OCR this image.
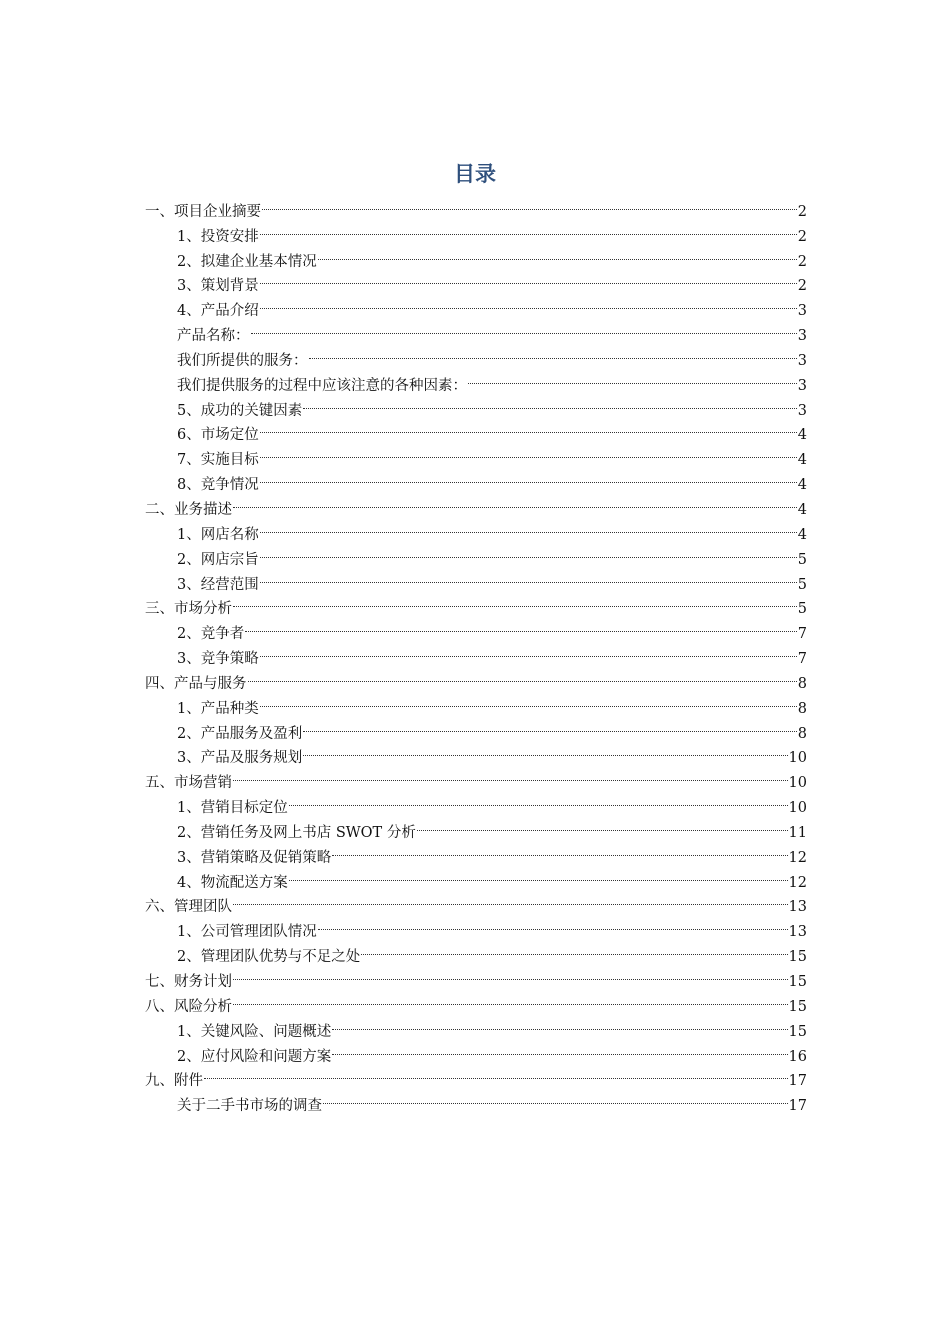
目录
一、项目企业摘要	2
1、投资安排	2
2、拟建企业基本情况	2
3、策划背景	2
4、产品介绍	3
产品名称：	3
我们所提供的服务：	3
我们提供服务的过程中应该注意的各种因素：	3
5、成功的关键因素	3
6、市场定位	4
7、实施目标	4
8、竞争情况	4
二、业务描述	4
1、网店名称	4
2、网店宗旨	5
3、经营范围	5
三、市场分析	5
2、竞争者	7
3、竞争策略	7
四、产品与服务	8
1、产品种类	8
2、产品服务及盈利	8
3、产品及服务规划	10
五、市场营销	10
1、营销目标定位	10
2、营销任务及网上书店 SWOT 分析	11
3、营销策略及促销策略	12
4、物流配送方案	12
六、管理团队	13
1、公司管理团队情况	13
2、管理团队优势与不足之处	15
七、财务计划	15
八、风险分析	15
1、关键风险、问题概述	15
2、应付风险和问题方案	16
九、附件	17
关于二手书市场的调查	17
